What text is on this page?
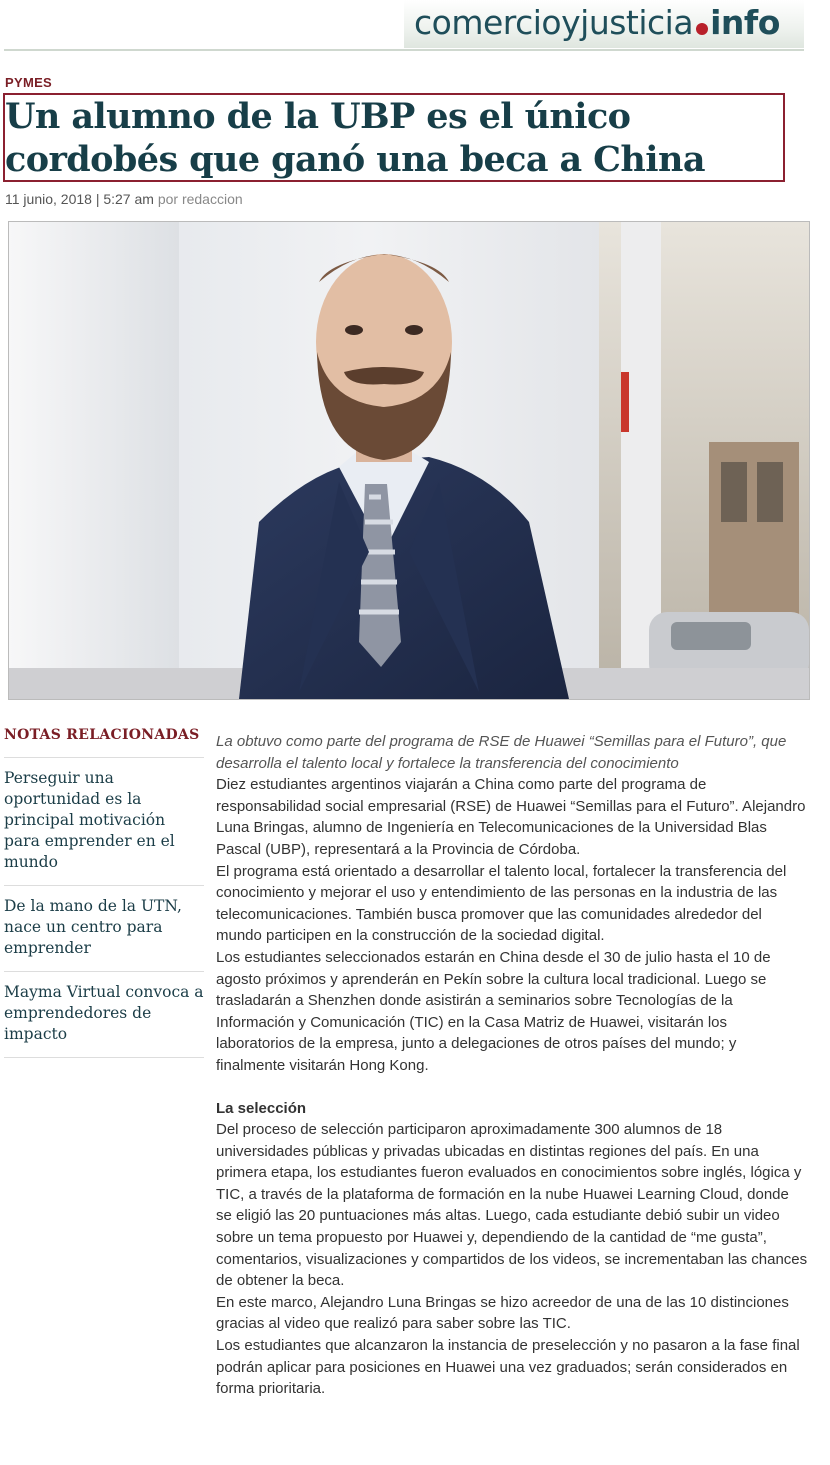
comercioyjusticia info
PYMES
Un alumno de la UBP es el único cordobés que ganó una beca a China
11 junio, 2018 | 5:27 am por redaccion
NOTAS RELACIONADAS
Perseguir una oportunidad es la principal motivación para emprender en el mundo
De la mano de la UTN, nace un centro para emprender
Mayma Virtual convoca a emprendedores de impacto

La obtuvo como parte del programa de RSE de Huawei “Semillas para el Futuro”, que desarrolla el talento local y fortalece la transferencia del conocimiento

Diez estudiantes argentinos viajarán a China como parte del programa de responsabilidad social empresarial (RSE) de Huawei “Semillas para el Futuro”. Alejandro Luna Bringas, alumno de Ingeniería en Telecomunicaciones de la Universidad Blas Pascal (UBP), representará a la Provincia de Córdoba.

El programa está orientado a desarrollar el talento local, fortalecer la transferencia del conocimiento y mejorar el uso y entendimiento de las personas en la industria de las telecomunicaciones. También busca promover que las comunidades alrededor del mundo participen en la construcción de la sociedad digital.

Los estudiantes seleccionados estarán en China desde el 30 de julio hasta el 10 de agosto próximos y aprenderán en Pekín sobre la cultura local tradicional. Luego se trasladarán a Shenzhen donde asistirán a seminarios sobre Tecnologías de la Información y Comunicación (TIC) en la Casa Matriz de Huawei, visitarán los laboratorios de la empresa, junto a delegaciones de otros países del mundo; y finalmente visitarán Hong Kong.

La selección

Del proceso de selección participaron aproximadamente 300 alumnos de 18 universidades públicas y privadas ubicadas en distintas regiones del país. En una primera etapa, los estudiantes fueron evaluados en conocimientos sobre inglés, lógica y TIC, a través de la plataforma de formación en la nube Huawei Learning Cloud, donde se eligió las 20 puntuaciones más altas. Luego, cada estudiante debió subir un video sobre un tema propuesto por Huawei y, dependiendo de la cantidad de “me gusta”, comentarios, visualizaciones y compartidos de los videos, se incrementaban las chances de obtener la beca.

En este marco, Alejandro Luna Bringas se hizo acreedor de una de las 10 distinciones gracias al video que realizó para saber sobre las TIC.

Los estudiantes que alcanzaron la instancia de preselección y no pasaron a la fase final podrán aplicar para posiciones en Huawei una vez graduados; serán considerados en forma prioritaria.
